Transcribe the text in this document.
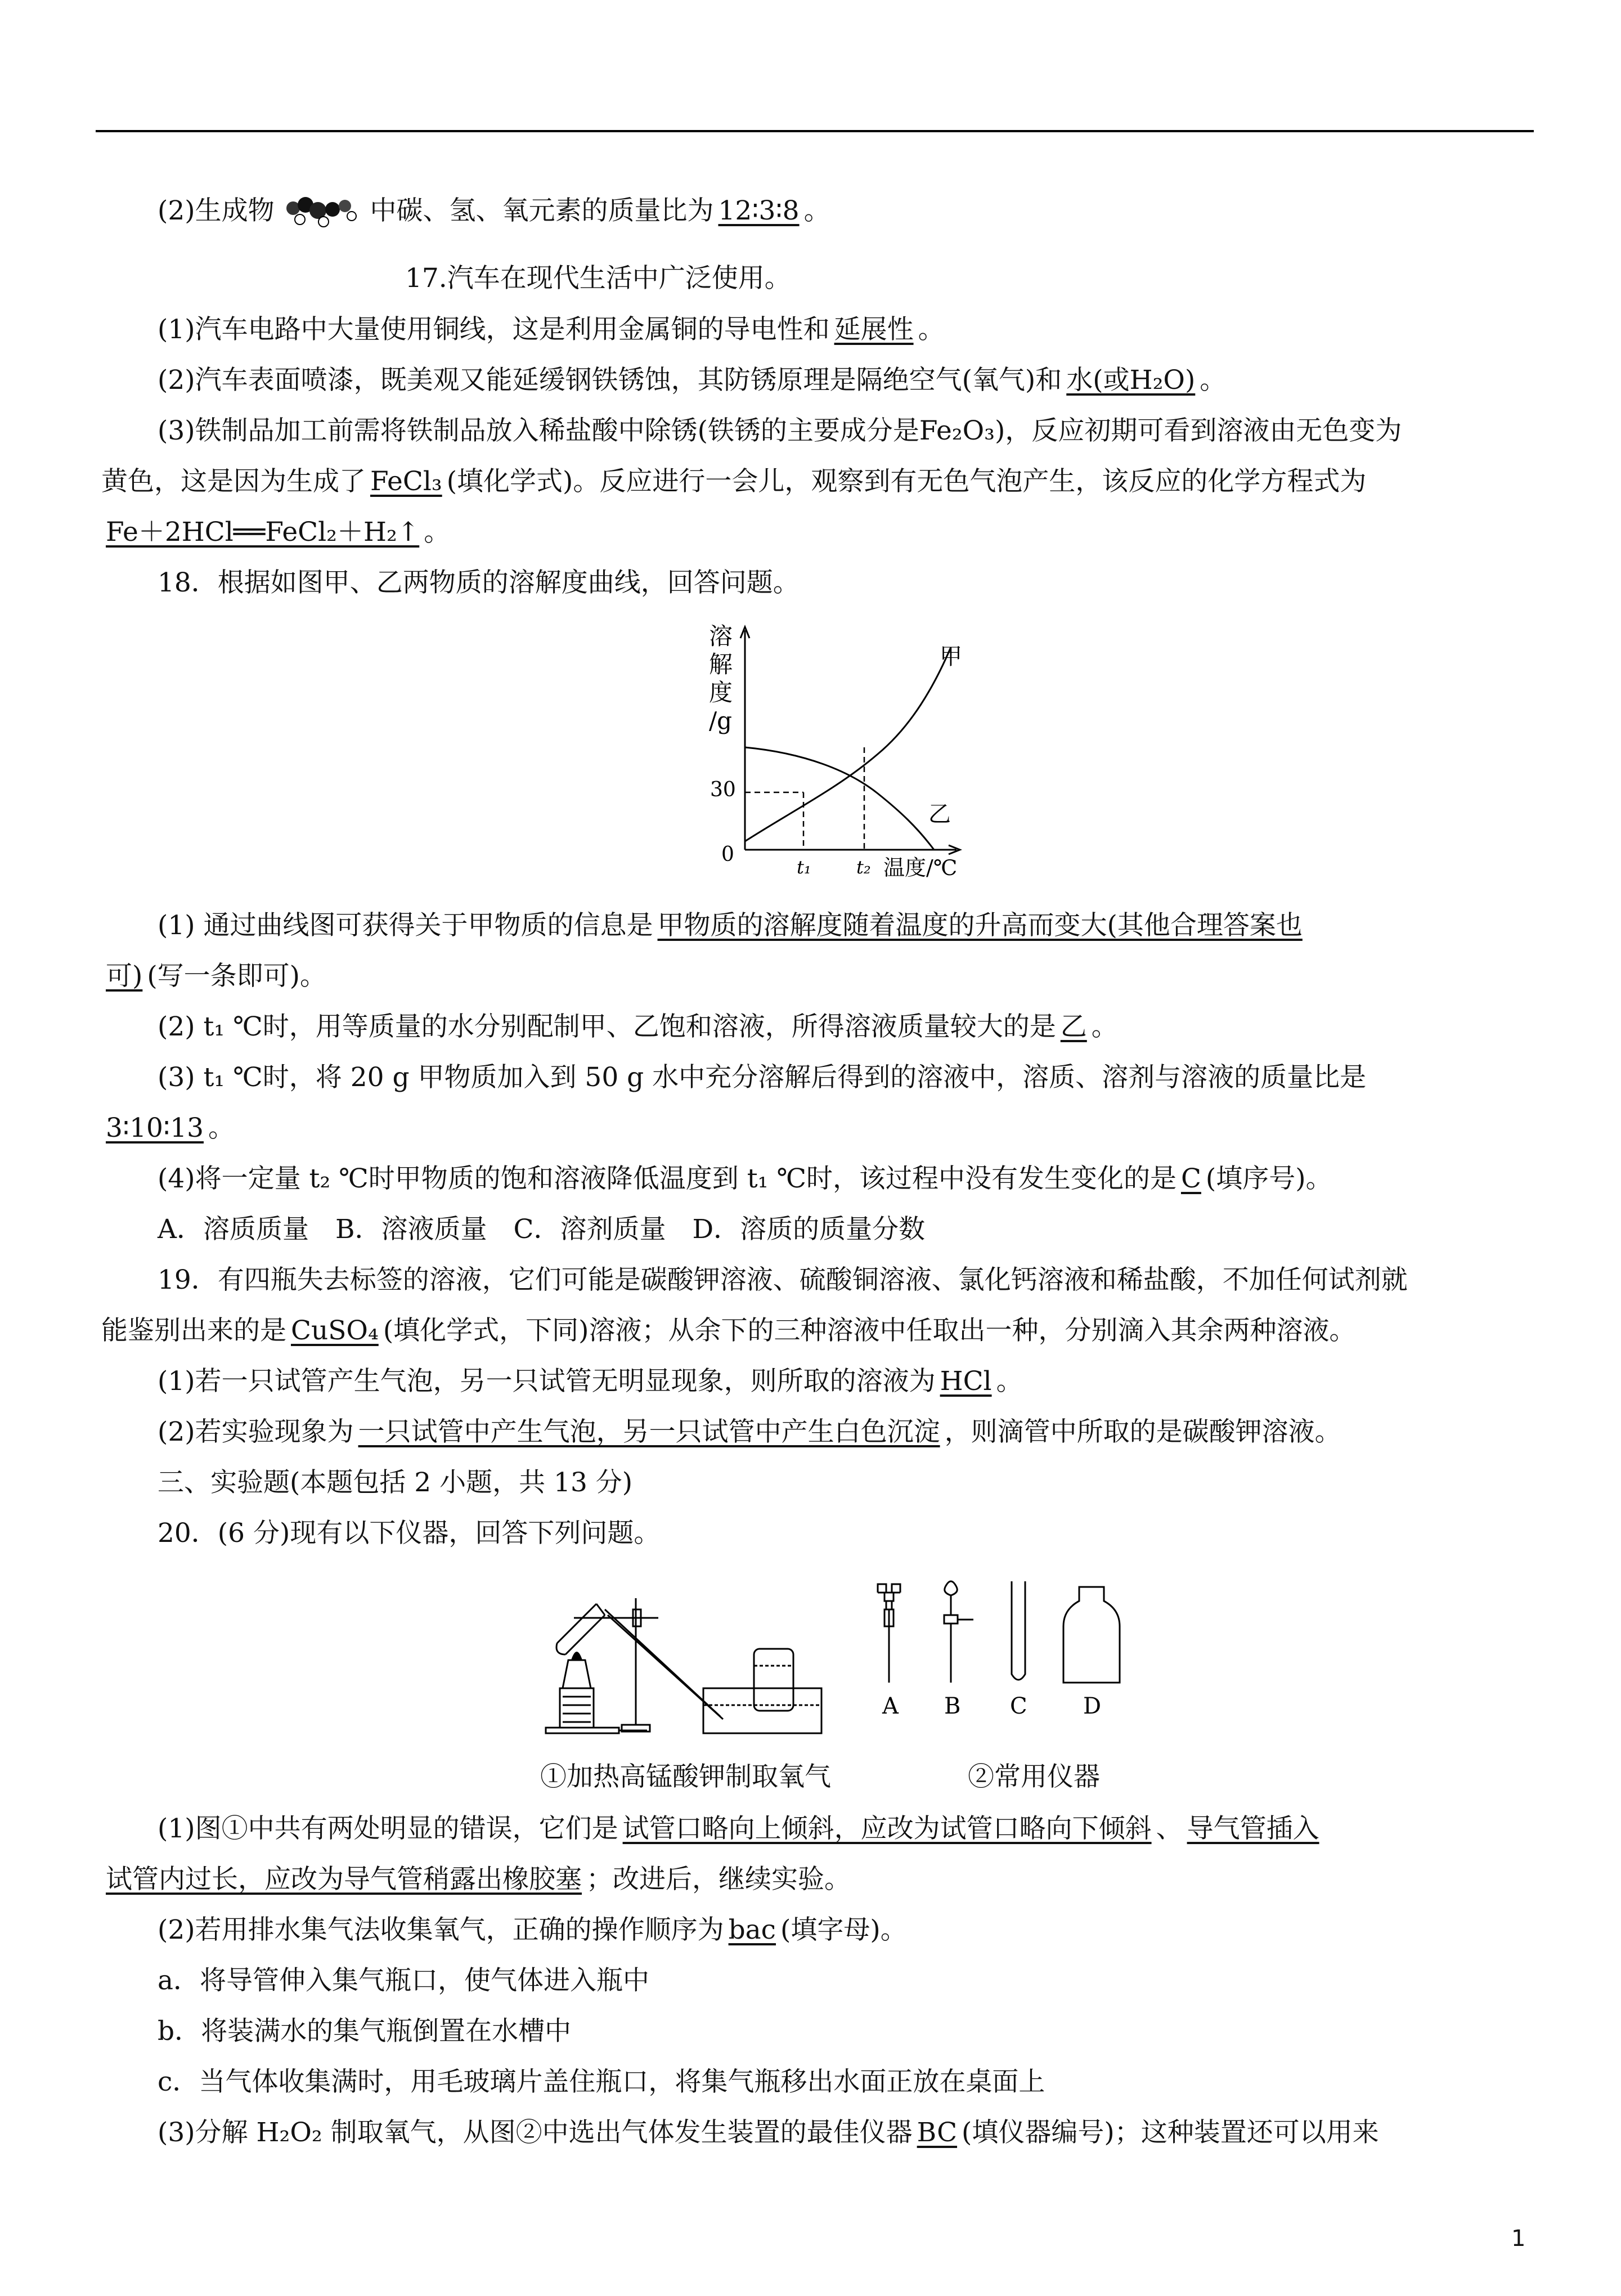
(2)生成物	中碳、氢、氧元素的质量比为 12∶3∶8 。
17.汽车在现代生活中广泛使用。
(1)汽车电路中大量使用铜线，这是利用金属铜的导电性和 延展性 。
(2)汽车表面喷漆，既美观又能延缓钢铁锈蚀，其防锈原理是隔绝空气(氧气)和 水(或H₂O) 。
(3)铁制品加工前需将铁制品放入稀盐酸中除锈(铁锈的主要成分是Fe₂O₃)，反应初期可看到溶液由无色变为
黄色，这是因为生成了 FeCl₃ (填化学式)。反应进行一会儿，观察到有无色气泡产生，该反应的化学方程式为
Fe＋2HCl══FeCl₂＋H₂↑ 。
18．根据如图甲、乙两物质的溶解度曲线，回答问题。
溶
解
度
/g
0
30
甲
乙
t₁	t₂ 温度/℃
(1) 通过曲线图可获得关于甲物质的信息是 甲物质的溶解度随着温度的升高而变大(其他合理答案也
可) (写一条即可)。
(2) t₁ ℃时，用等质量的水分别配制甲、乙饱和溶液，所得溶液质量较大的是 乙 。
(3) t₁ ℃时，将 20 g 甲物质加入到 50 g 水中充分溶解后得到的溶液中，溶质、溶剂与溶液的质量比是
3∶10∶13 。
(4)将一定量 t₂ ℃时甲物质的饱和溶液降低温度到 t₁ ℃时，该过程中没有发生变化的是 C (填序号)。
A．溶质质量　B．溶液质量　C．溶剂质量　D．溶质的质量分数
19．有四瓶失去标签的溶液，它们可能是碳酸钾溶液、硫酸铜溶液、氯化钙溶液和稀盐酸，不加任何试剂就
能鉴别出来的是 CuSO₄ (填化学式，下同)溶液；从余下的三种溶液中任取出一种，分别滴入其余两种溶液。
(1)若一只试管产生气泡，另一只试管无明显现象，则所取的溶液为 HCl 。
(2)若实验现象为 一只试管中产生气泡，另一只试管中产生白色沉淀 ，则滴管中所取的是碳酸钾溶液。
三、实验题(本题包括 2 小题，共 13 分)
20．(6 分)现有以下仪器，回答下列问题。
A B C D
①加热高锰酸钾制取氧气	②常用仪器
(1)图①中共有两处明显的错误，它们是 试管口略向上倾斜，应改为试管口略向下倾斜 、 导气管插入
试管内过长，应改为导气管稍露出橡胶塞 ；改进后，继续实验。
(2)若用排水集气法收集氧气，正确的操作顺序为 bac (填字母)。
a．将导管伸入集气瓶口，使气体进入瓶中
b．将装满水的集气瓶倒置在水槽中
c．当气体收集满时，用毛玻璃片盖住瓶口，将集气瓶移出水面正放在桌面上
(3)分解 H₂O₂ 制取氧气，从图②中选出气体发生装置的最佳仪器 BC (填仪器编号)；这种装置还可以用来
1
